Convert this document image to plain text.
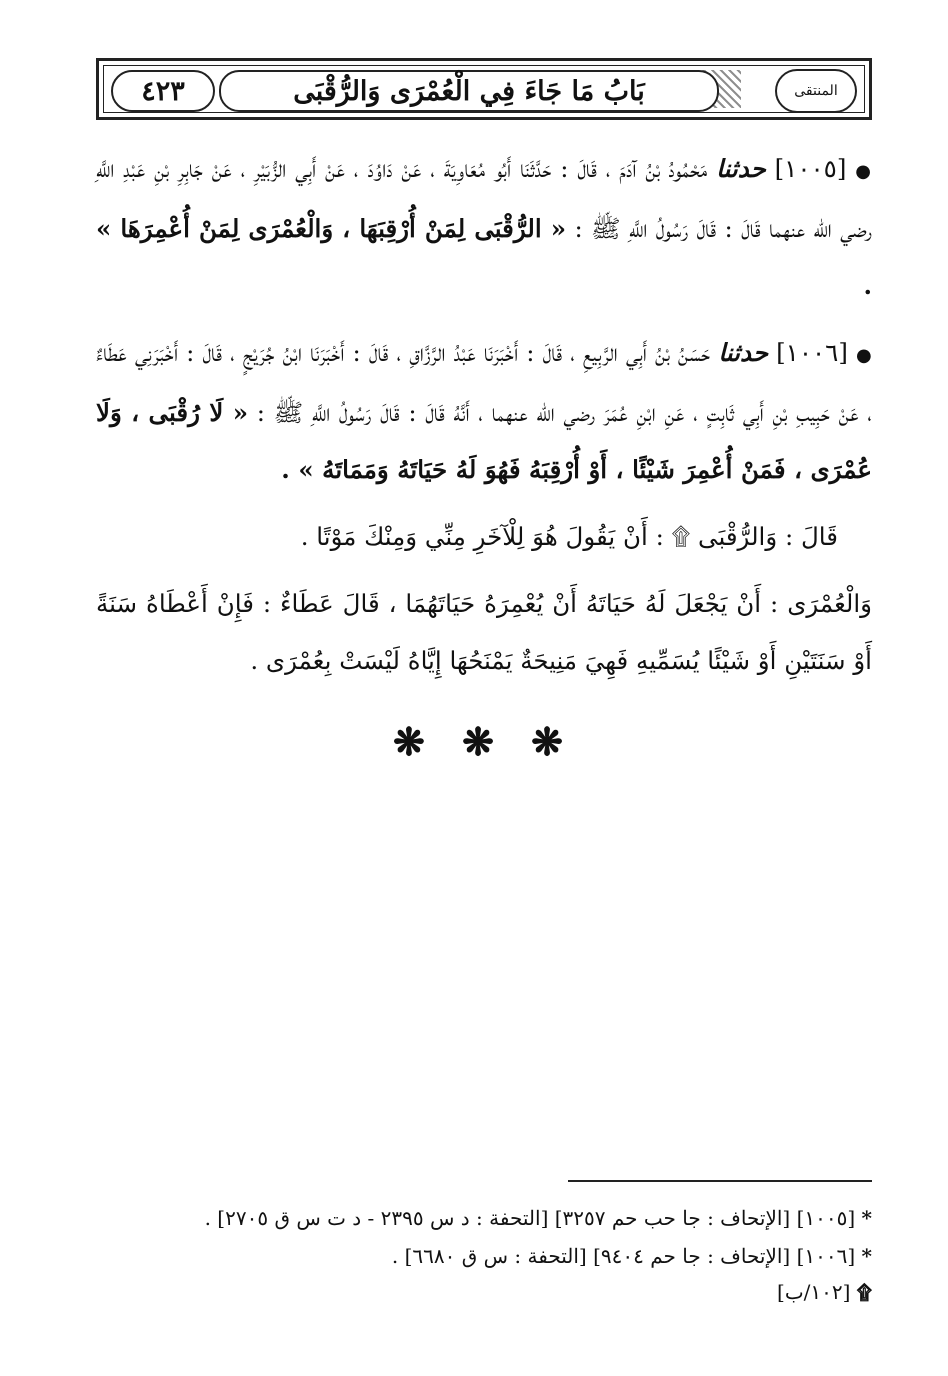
٤٢٣	بَابُ مَا جَاءَ فِي الْعُمْرَى وَالرُّقْبَى	المنتقى

● [١٠٠٥] حدثنا مَحْمُودُ بْنُ آدَمَ ، قَالَ : حَدَّثَنَا أَبُو مُعَاوِيَةَ ، عَنْ دَاوُدَ ، عَنْ أَبِي الزُّبَيْرِ ، عَنْ جَابِرِ بْنِ عَبْدِ اللَّهِ رضي الله عنهما قَالَ : قَالَ رَسُولُ اللَّهِ ﷺ : « الرُّقْبَى لِمَنْ أُرْقِبَهَا ، وَالْعُمْرَى لِمَنْ أُعْمِرَهَا » .

● [١٠٠٦] حدثنا حَسَنُ بْنُ أَبِي الرَّبِيعِ ، قَالَ : أَخْبَرَنَا عَبْدُ الرَّزَّاقِ ، قَالَ : أَخْبَرَنَا ابْنُ جُرَيْجٍ ، قَالَ : أَخْبَرَنِي عَطَاءٌ ، عَنْ حَبِيبِ بْنِ أَبِي ثَابِتٍ ، عَنِ ابْنِ عُمَرَ رضي الله عنهما ، أَنَّهُ قَالَ : قَالَ رَسُولُ اللَّهِ ﷺ : « لَا رُقْبَى ، وَلَا عُمْرَى ، فَمَنْ أُعْمِرَ شَيْئًا ، أَوْ أُرْقِبَهُ فَهُوَ لَهُ حَيَاتَهُ وَمَمَاتَهُ » .

قَالَ : وَالرُّقْبَى ۩ : أَنْ يَقُولَ هُوَ لِلْآخَرِ مِنِّي وَمِنْكَ مَوْتًا .

وَالْعُمْرَى : أَنْ يَجْعَلَ لَهُ حَيَاتَهُ أَنْ يُعْمِرَهُ حَيَاتَهُمَا ، قَالَ عَطَاءٌ : فَإِنْ أَعْطَاهُ سَنَةً أَوْ سَنَتَيْنِ أَوْ شَيْئًا يُسَمِّيهِ فَهِيَ مَنِيحَةٌ يَمْنَحُهَا إِيَّاهُ لَيْسَتْ بِعُمْرَى .

❋ ❋ ❋
* [١٠٠٥] [الإتحاف : جا حب حم ٣٢٥٧] [التحفة : د س ٢٣٩٥ - د ت س ق ٢٧٠٥] .
* [١٠٠٦] [الإتحاف : جا حم ٩٤٠٤] [التحفة : س ق ٦٦٨٠] .
۩ [١٠٢/ب]
